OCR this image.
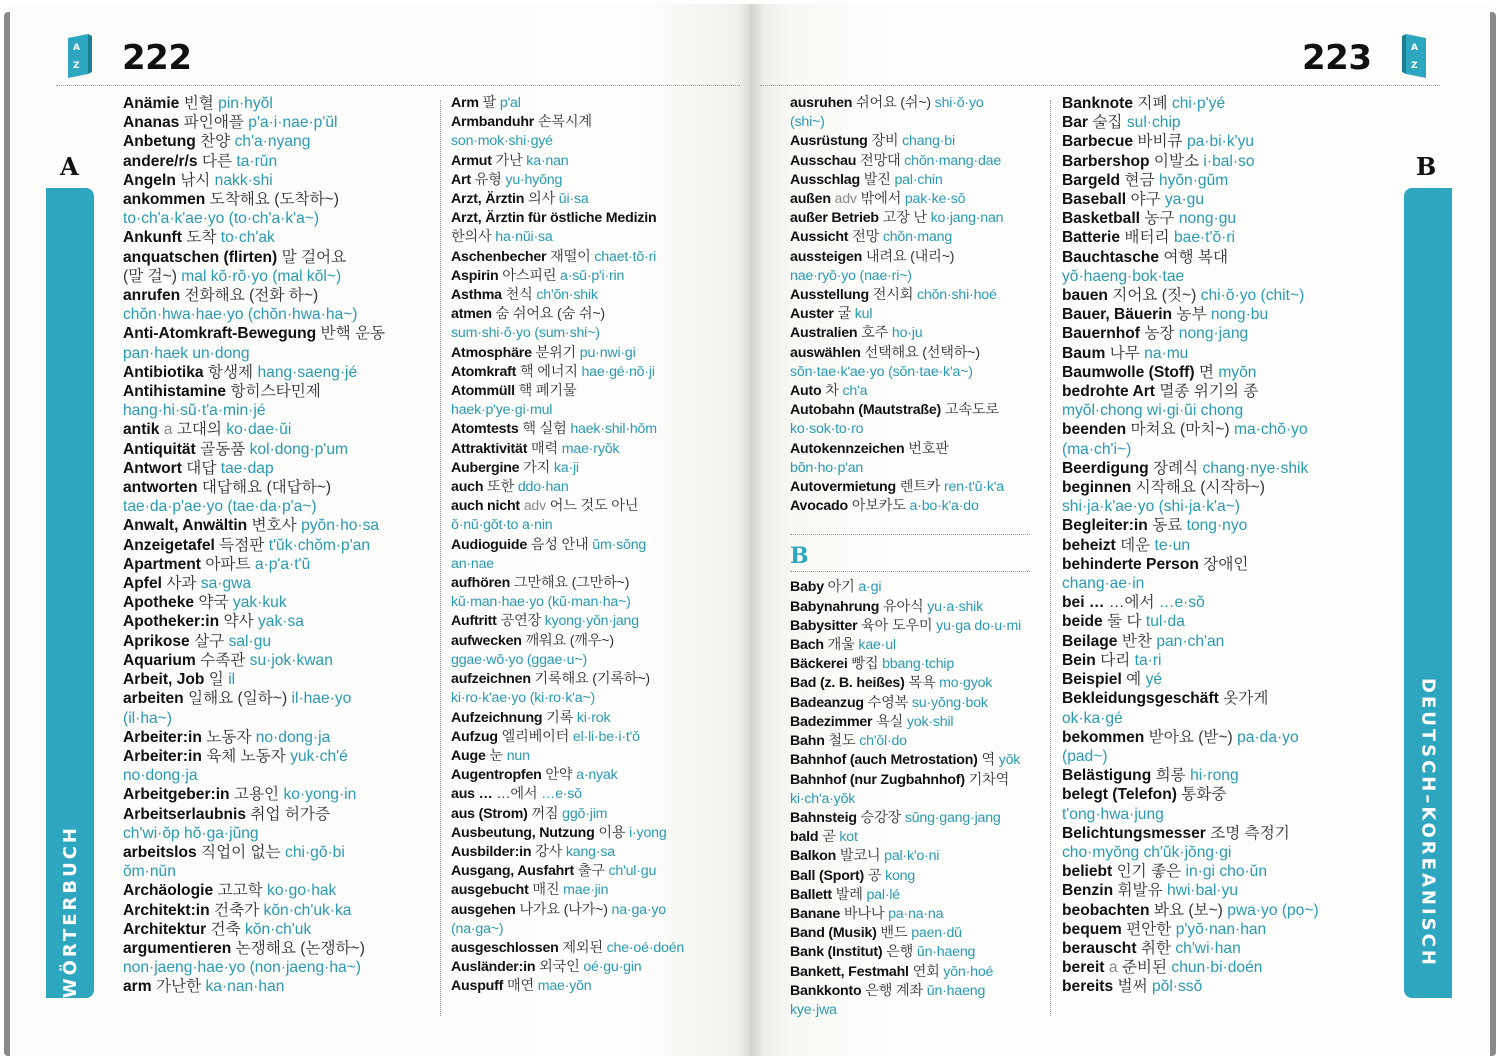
A
Z 222
A
WÖRTERBUCH
Anämie 빈혈 pin·hyŏl
Ananas 파인애플 p'a·i·nae·p'ŭl
Anbetung 찬양 ch'a·nyang
andere/r/s 다른 ta·rŭn
Angeln 낚시 nakk·shi
ankommen 도착해요 (도착하~)
to·ch'a·k'ae·yo (to·ch'a·k'a~)
Ankunft 도착 to·ch'ak
anquatschen (flirten) 말 걸어요
(말 걸~) mal kŏ·rŏ·yo (mal kŏl~)
anrufen 전화해요 (전화 하~)
chŏn·hwa·hae·yo (chŏn·hwa·ha~)
Anti-Atomkraft-Bewegung 반핵 운동
pan·haek un·dong
Antibiotika 항생제 hang·saeng·jé
Antihistamine 항히스타민제
hang·hi·sŭ·t'a·min·jé
antik a 고대의 ko·dae·ŭi
Antiquität 골동품 kol·dong·p'um
Antwort 대답 tae·dap
antworten 대답해요 (대답하~)
tae·da·p'ae·yo (tae·da·p'a~)
Anwalt, Anwältin 변호사 pyŏn·ho·sa
Anzeigetafel 득점판 t'ŭk·chŏm·p'an
Apartment 아파트 a·p'a·t'ŭ
Apfel 사과 sa·gwa
Apotheke 약국 yak·kuk
Apotheker:in 약사 yak·sa
Aprikose 살구 sal·gu
Aquarium 수족관 su·jok·kwan
Arbeit, Job 일 il
arbeiten 일해요 (일하~) il·hae·yo
(il·ha~)
Arbeiter:in 노동자 no·dong·ja
Arbeiter:in 육체 노동자 yuk·ch'é
no·dong·ja
Arbeitgeber:in 고용인 ko·yong·in
Arbeitserlaubnis 취업 허가증
ch'wi·ŏp hŏ·ga·jŭng
arbeitslos 직업이 없는 chi·gŏ·bi
ŏm·nŭn
Archäologie 고고학 ko·go·hak
Architekt:in 건축가 kŏn·ch'uk·ka
Architektur 건축 kŏn·ch'uk
argumentieren 논쟁해요 (논쟁하~)
non·jaeng·hae·yo (non·jaeng·ha~)
arm 가난한 ka·nan·han
Arm 팔 p'al
Armbanduhr 손목시계
son·mok·shi·gyé
Armut 가난 ka·nan
Art 유형 yu·hyŏng
Arzt, Ärztin 의사 ŭi·sa
Arzt, Ärztin für östliche Medizin
한의사 ha·nŭi·sa
Aschenbecher 재떨이 chaet·tŏ·ri
Aspirin 아스피린 a·sŭ·p'i·rin
Asthma 천식 ch'ŏn·shik
atmen 숨 쉬어요 (숨 쉬~)
sum·shi·ŏ·yo (sum·shi~)
Atmosphäre 분위기 pu·nwi·gi
Atomkraft 핵 에너지 hae·gé·nŏ·ji
Atommüll 핵 폐기물
haek·p'ye·gi·mul
Atomtests 핵 실험 haek·shil·hŏm
Attraktivität 매력 mae·ryŏk
Aubergine 가지 ka·ji
auch 또한 ddo·han
auch nicht adv 어느 것도 아닌
ŏ·nŭ·gŏt·to a·nin
Audioguide 음성 안내 ŭm·sŏng
an·nae
aufhören 그만해요 (그만하~)
kŭ·man·hae·yo (kŭ·man·ha~)
Auftritt 공연장 kyong·yŏn·jang
aufwecken 깨워요 (깨우~)
ggae·wŏ·yo (ggae·u~)
aufzeichnen 기록해요 (기록하~)
ki·ro·k'ae·yo (ki·ro·k'a~)
Aufzeichnung 기록 ki·rok
Aufzug 엘리베이터 el·li·be·i·t'ŏ
Auge 눈 nun
Augentropfen 안약 a·nyak
aus … …에서 …e·sŏ
aus (Strom) 꺼짐 ggŏ·jim
Ausbeutung, Nutzung 이용 i·yong
Ausbilder:in 강사 kang·sa
Ausgang, Ausfahrt 출구 ch'ul·gu
ausgebucht 매진 mae·jin
ausgehen 나가요 (나가~) na·ga·yo
(na·ga~)
ausgeschlossen 제외된 che·oé·doén
Ausländer:in 외국인 oé·gu·gin
Auspuff 매연 mae·yŏn
223	A
Z
B
DEUTSCH–KOREANISCH
ausruhen 쉬어요 (쉬~) shi·ŏ·yo
(shi~)
Ausrüstung 장비 chang·bi
Ausschau 전망대 chŏn·mang·dae
Ausschlag 발진 pal·chin
außen adv 밖에서 pak·ke·sŏ
außer Betrieb 고장 난 ko·jang·nan
Aussicht 전망 chŏn·mang
aussteigen 내려요 (내리~)
nae·ryŏ·yo (nae·ri~)
Ausstellung 전시회 chŏn·shi·hoé
Auster 굴 kul
Australien 호주 ho·ju
auswählen 선택해요 (선택하~)
sŏn·tae·k'ae·yo (sŏn·tae·k'a~)
Auto 차 ch'a
Autobahn (Mautstraße) 고속도로
ko·sok·to·ro
Autokennzeichen 번호판
bŏn·ho·p'an
Autovermietung 렌트카 ren·t'ŭ·k'a
Avocado 아보카도 a·bo·k'a·do
B
Baby 아기 a·gi
Babynahrung 유아식 yu·a·shik
Babysitter 육아 도우미 yu·ga do·u·mi
Bach 개울 kae·ul
Bäckerei 빵집 bbang·tchip
Bad (z. B. heißes) 목욕 mo·gyok
Badeanzug 수영복 su·yŏng·bok
Badezimmer 욕실 yok·shil
Bahn 철도 ch'ŏl·do
Bahnhof (auch Metrostation) 역 yŏk
Bahnhof (nur Zugbahnhof) 기차역
ki·ch'a·yŏk
Bahnsteig 승강장 sŭng·gang·jang
bald 곧 kot
Balkon 발코니 pal·k'o·ni
Ball (Sport) 공 kong
Ballett 발레 pal·lé
Banane 바나나 pa·na·na
Band (Musik) 밴드 paen·dŭ
Bank (Institut) 은행 ŭn·haeng
Bankett, Festmahl 연회 yŏn·hoé
Bankkonto 은행 계좌 ŭn·haeng
kye·jwa
Banknote 지폐 chi·p'yé
Bar 술집 sul·chip
Barbecue 바비큐 pa·bi·k'yu
Barbershop 이발소 i·bal·so
Bargeld 현금 hyŏn·gŭm
Baseball 야구 ya·gu
Basketball 농구 nong·gu
Batterie 배터리 bae·t'ŏ·ri
Bauchtasche 여행 복대
yŏ·haeng·bok·tae
bauen 지어요 (짓~) chi·ŏ·yo (chit~)
Bauer, Bäuerin 농부 nong·bu
Bauernhof 농장 nong·jang
Baum 나무 na·mu
Baumwolle (Stoff) 면 myŏn
bedrohte Art 멸종 위기의 종
myŏl·chong wi·gi·ŭi chong
beenden 마쳐요 (마치~) ma·chŏ·yo
(ma·ch'i~)
Beerdigung 장례식 chang·nye·shik
beginnen 시작해요 (시작하~)
shi·ja·k'ae·yo (shi·ja·k'a~)
Begleiter:in 동료 tong·nyo
beheizt 데운 te·un
behinderte Person 장애인
chang·ae·in
bei … …에서 …e·sŏ
beide 둘 다 tul·da
Beilage 반찬 pan·ch'an
Bein 다리 ta·ri
Beispiel 예 yé
Bekleidungsgeschäft 옷가게
ok·ka·gé
bekommen 받아요 (받~) pa·da·yo
(pad~)
Belästigung 희롱 hi·rong
belegt (Telefon) 통화중
t'ong·hwa·jung
Belichtungsmesser 조명 측정기
cho·myŏng ch'ŭk·jŏng·gi
beliebt 인기 좋은 in·gi cho·ŭn
Benzin 휘발유 hwi·bal·yu
beobachten 봐요 (보~) pwa·yo (po~)
bequem 편안한 p'yŏ·nan·han
berauscht 취한 ch'wi·han
bereit a 준비된 chun·bi·doén
bereits 벌써 pŏl·ssŏ
